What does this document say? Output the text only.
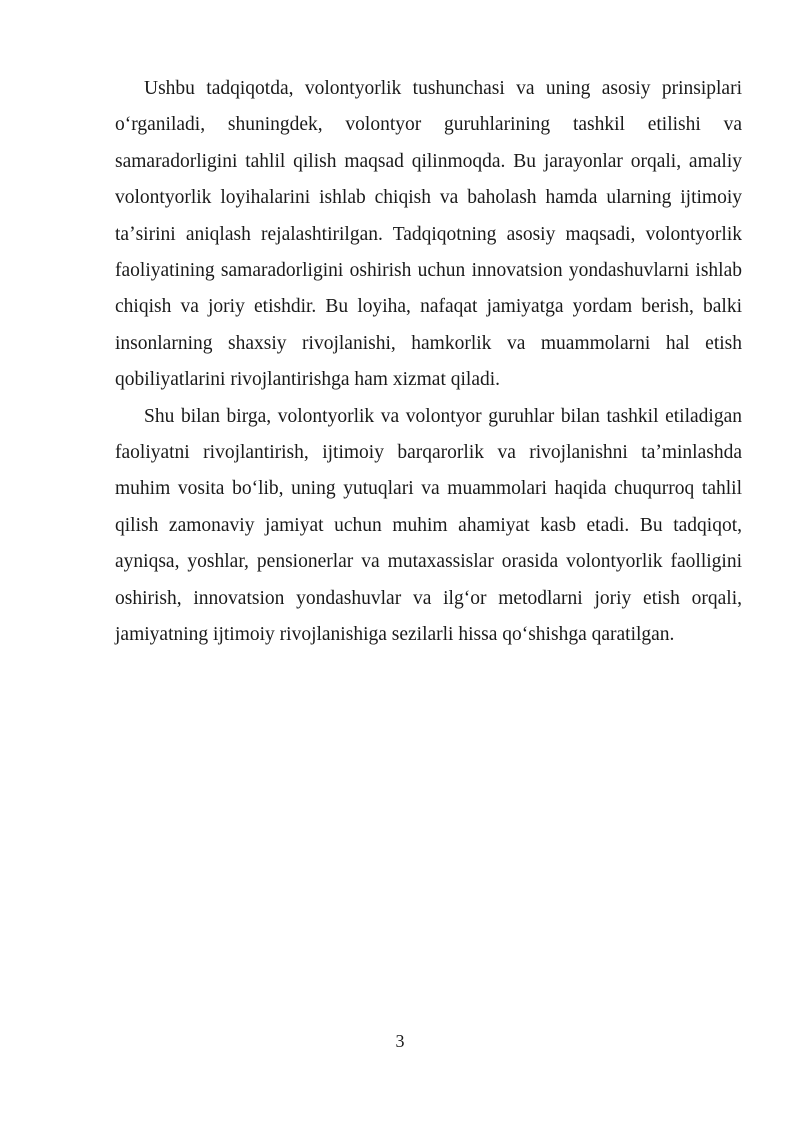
Ushbu tadqiqotda, volontyorlik tushunchasi va uning asosiy prinsiplari oʻrganiladi, shuningdek, volontyor guruhlarining tashkil etilishi va samaradorligini tahlil qilish maqsad qilinmoqda. Bu jarayonlar orqali, amaliy volontyorlik loyihalarini ishlab chiqish va baholash hamda ularning ijtimoiy taʼsirini aniqlash rejalashtirilgan. Tadqiqotning asosiy maqsadi, volontyorlik faoliyatining samaradorligini oshirish uchun innovatsion yondashuvlarni ishlab chiqish va joriy etishdir. Bu loyiha, nafaqat jamiyatga yordam berish, balki insonlarning shaxsiy rivojlanishi, hamkorlik va muammolarni hal etish qobiliyatlarini rivojlantirishga ham xizmat qiladi.

Shu bilan birga, volontyorlik va volontyor guruhlar bilan tashkil etiladigan faoliyatni rivojlantirish, ijtimoiy barqarorlik va rivojlanishni taʼminlashda muhim vosita boʻlib, uning yutuqlari va muammolari haqida chuqurroq tahlil qilish zamonaviy jamiyat uchun muhim ahamiyat kasb etadi. Bu tadqiqot, ayniqsa, yoshlar, pensionerlar va mutaxassislar orasida volontyorlik faolligini oshirish, innovatsion yondashuvlar va ilgʻor metodlarni joriy etish orqali, jamiyatning ijtimoiy rivojlanishiga sezilarli hissa qoʻshishga qaratilgan.

3
